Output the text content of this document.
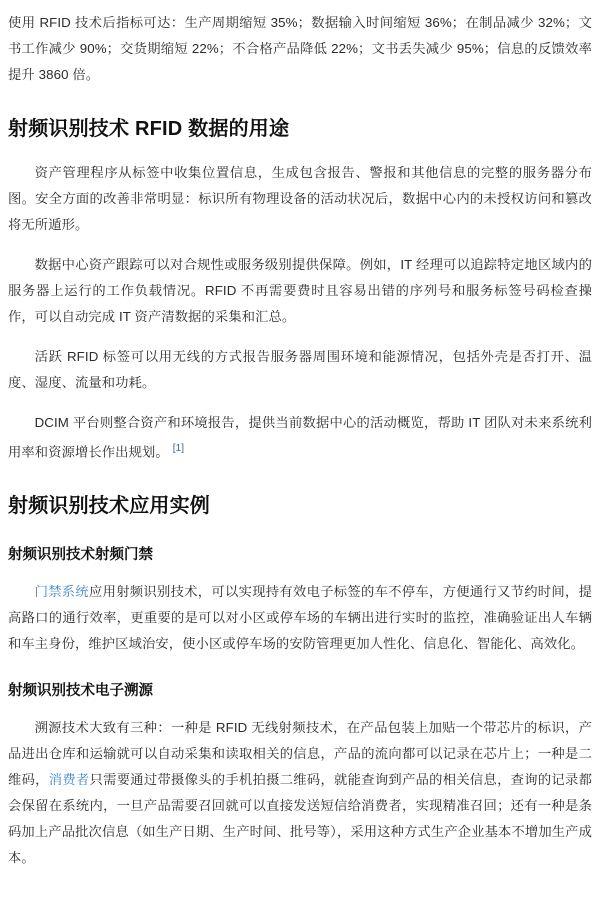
使用 RFID 技术后指标可达：生产周期缩短 35%；数据输入时间缩短 36%；在制品减少 32%；文书工作减少 90%；交货期缩短 22%；不合格产品降低 22%；文书丢失减少 95%；信息的反馈效率提升 3860 倍。

射频识别技术 RFID 数据的用途

资产管理程序从标签中收集位置信息，生成包含报告、警报和其他信息的完整的服务器分布图。安全方面的改善非常明显：标识所有物理设备的活动状况后，数据中心内的未授权访问和篡改将无所遁形。

数据中心资产跟踪可以对合规性或服务级别提供保障。例如，IT 经理可以追踪特定地区域内的服务器上运行的工作负载情况。RFID 不再需要费时且容易出错的序列号和服务标签号码检查操作，可以自动完成 IT 资产清数据的采集和汇总。

活跃 RFID 标签可以用无线的方式报告服务器周围环境和能源情况，包括外壳是否打开、温度、湿度、流量和功耗。

DCIM 平台则整合资产和环境报告，提供当前数据中心的活动概览，帮助 IT 团队对未来系统利用率和资源增长作出规划。 [1]

射频识别技术应用实例
射频识别技术射频门禁

门禁系统应用射频识别技术，可以实现持有效电子标签的车不停车，方便通行又节约时间，提高路口的通行效率，更重要的是可以对小区或停车场的车辆出进行实时的监控，准确验证出人车辆和车主身份，维护区域治安，使小区或停车场的安防管理更加人性化、信息化、智能化、高效化。

射频识别技术电子溯源

溯源技术大致有三种：一种是 RFID 无线射频技术，在产品包装上加贴一个带芯片的标识，产品进出仓库和运输就可以自动采集和读取相关的信息，产品的流向都可以记录在芯片上；一种是二维码，消费者只需要通过带摄像头的手机拍摄二维码，就能查询到产品的相关信息，查询的记录都会保留在系统内，一旦产品需要召回就可以直接发送短信给消费者，实现精准召回；还有一种是条码加上产品批次信息（如生产日期、生产时间、批号等），采用这种方式生产企业基本不增加生产成本。
